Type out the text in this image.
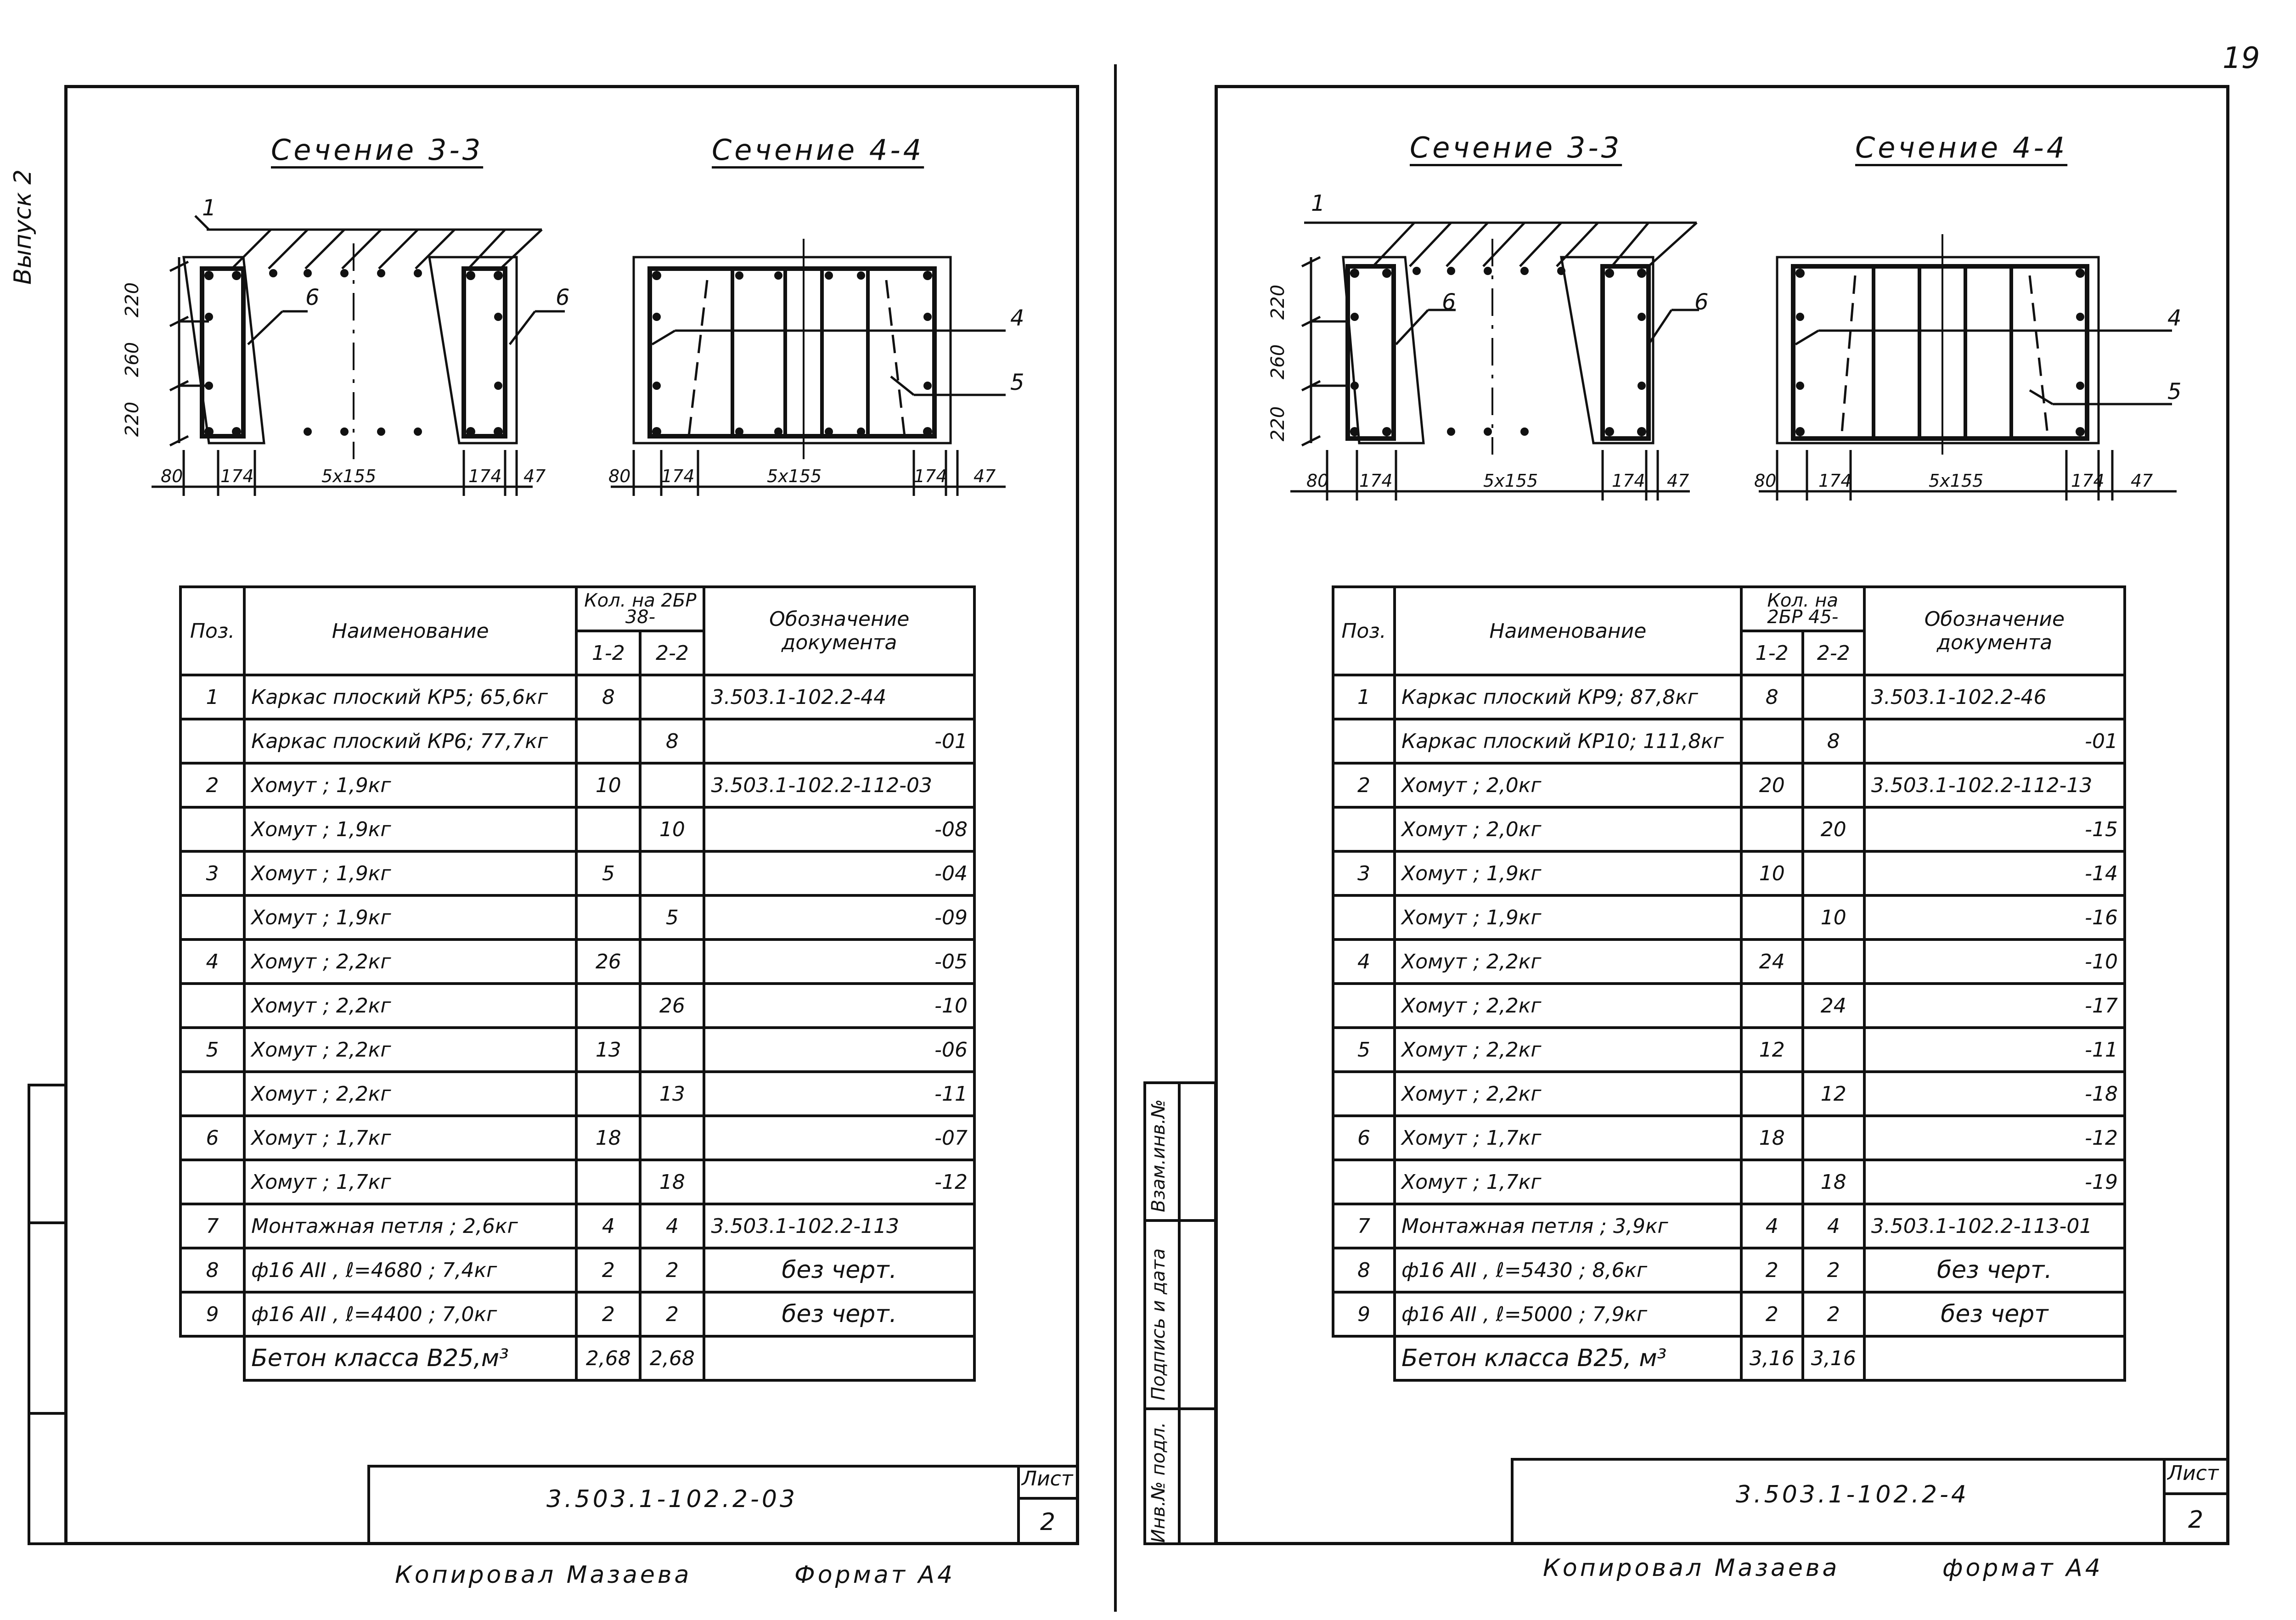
19
Выпуск 2
Сечение 3-3	Сечение 4-4
1
6	6
4
5
220
260
220
80 174	5x155	174 47	80 174	5x155	174 47
Поз.	Наименование	Кол. на 2БР 38-		Обозначение документа
		1-2	2-2	
1	Каркас плоский КР5; 65,6кг	8		3.503.1-102.2-44
	Каркас плоский КР6; 77,7кг		8	-01
2	Хомут ; 1,9кг	10		3.503.1-102.2-112-03
	Хомут ; 1,9кг		10	-08
3	Хомут ; 1,9кг	5		-04
	Хомут ; 1,9кг		5	-09
4	Хомут ; 2,2кг	26		-05
	Хомут ; 2,2кг		26	-10
5	Хомут ; 2,2кг	13		-06
	Хомут ; 2,2кг		13	-11
6	Хомут ; 1,7кг	18		-07
	Хомут ; 1,7кг		18	-12
7	Монтажная петля ; 2,6кг	4	4	3.503.1-102.2-113
8	ф16 АII , ℓ=4680 ; 7,4кг	2	2	без черт.
9	ф16 АII , ℓ=4400 ; 7,0кг	2	2	без черт.
	Бетон класса В25,м³	2,68	2,68	
3.503.1-102.2-03
Лист
2
Копировал Мазаева	Формат А4
Взам.инв.№
Подпись и дата
Инв.№ подл.
Сечение 3-3	Сечение 4-4
1
6	6
4
5
220
260
220
80 174	5x155	174 47	80 174	5x155	174 47
Поз.	Наименование	Кол. на 2БР 45-		Обозначение документа
		1-2	2-2	
1	Каркас плоский КР9; 87,8кг	8		3.503.1-102.2-46
	Каркас плоский КР10; 111,8кг		8	-01
2	Хомут ; 2,0кг	20		3.503.1-102.2-112-13
	Хомут ; 2,0кг		20	-15
3	Хомут ; 1,9кг	10		-14
	Хомут ; 1,9кг		10	-16
4	Хомут ; 2,2кг	24		-10
	Хомут ; 2,2кг		24	-17
5	Хомут ; 2,2кг	12		-11
	Хомут ; 2,2кг		12	-18
6	Хомут ; 1,7кг	18		-12
	Хомут ; 1,7кг		18	-19
7	Монтажная петля ; 3,9кг	4	4	3.503.1-102.2-113-01
8	ф16 АII , ℓ=5430 ; 8,6кг	2	2	без черт.
9	ф16 АII , ℓ=5000 ; 7,9кг	2	2	без черт
	Бетон класса В25, м³	3,16	3,16	
3.503.1-102.2-4
Лист
2
Копировал Мазаева	формат А4
